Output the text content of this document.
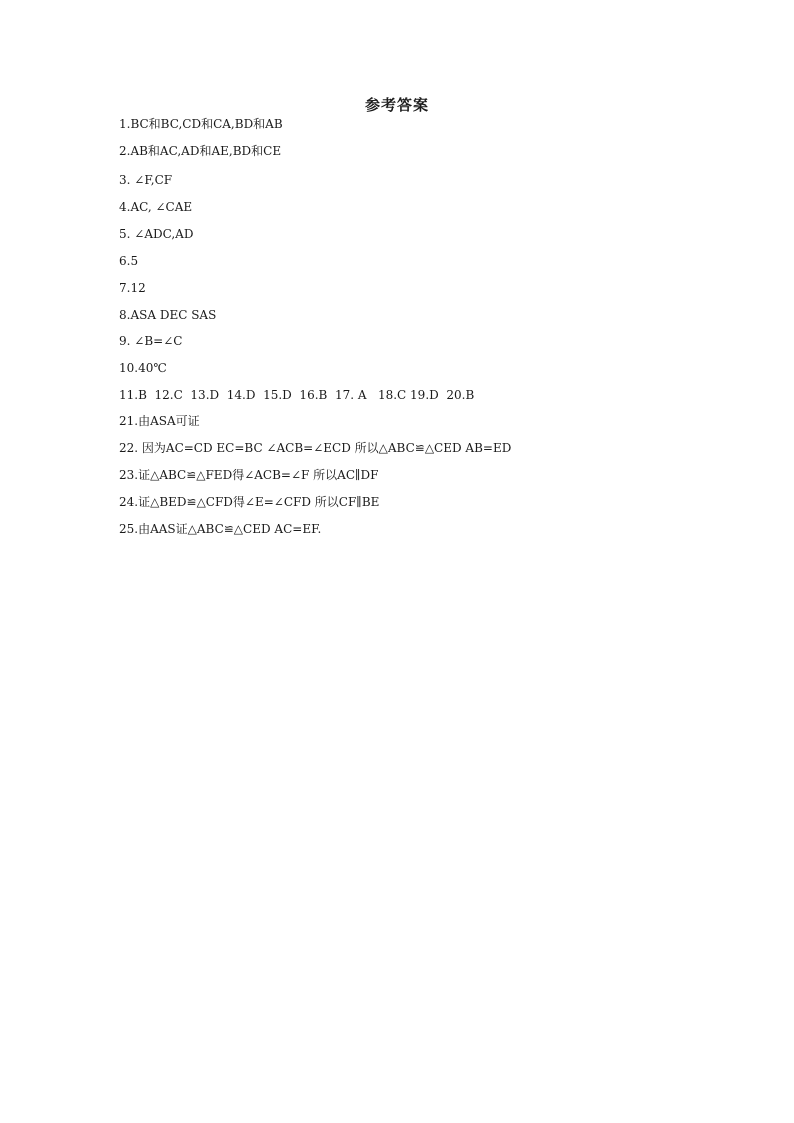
参考答案
1.BC和BC,CD和CA,BD和AB
2.AB和AC,AD和AE,BD和CE
3. ∠F,CF
4.AC, ∠CAE
5. ∠ADC,AD
6.5
7.12
8.ASA DEC SAS
9. ∠B=∠C
10.40℃
11.B  12.C  13.D  14.D  15.D  16.B  17. A   18.C 19.D  20.B
21.由ASA可证
22. 因为AC=CD EC=BC ∠ACB=∠ECD 所以△ABC≌△CED AB=ED
23.证△ABC≌△FED得∠ACB=∠F 所以AC∥DF
24.证△BED≌△CFD得∠E=∠CFD 所以CF∥BE
25.由AAS证△ABC≌△CED AC=EF.
